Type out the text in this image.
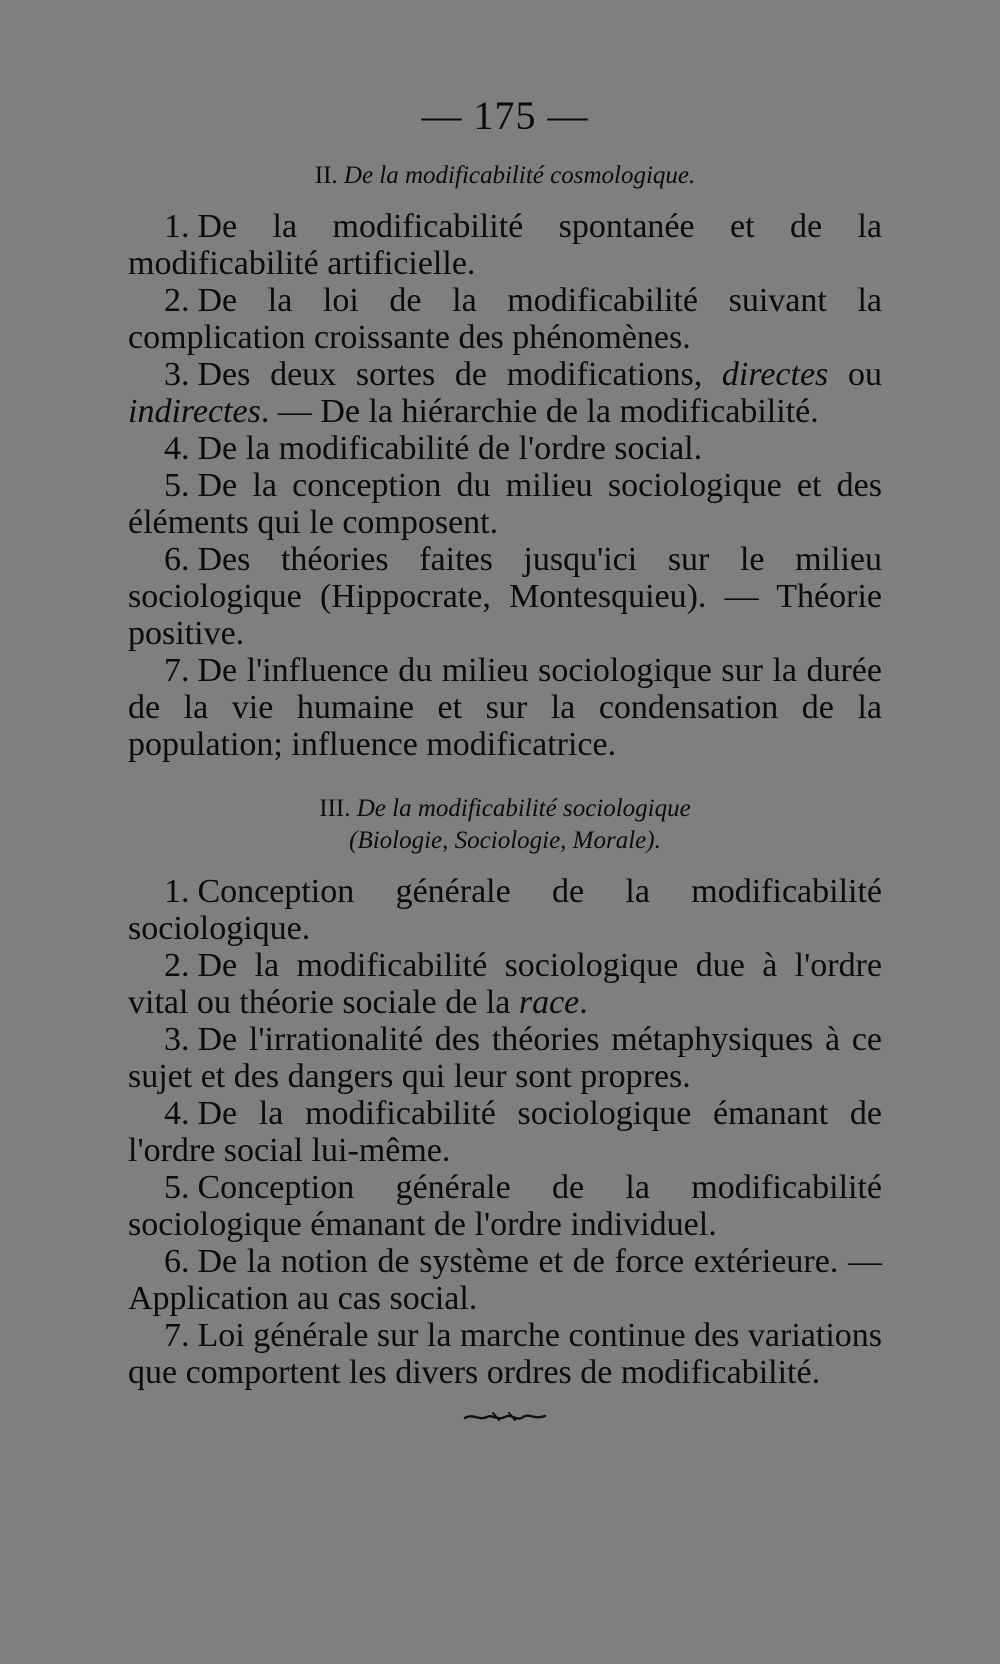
— 175 —
II. De la modificabilité cosmologique.

1. De la modificabilité spontanée et de la modificabilité artificielle.

2. De la loi de la modificabilité suivant la complication croissante des phénomènes.

3. Des deux sortes de modifications, directes ou indirectes. — De la hiérarchie de la modificabilité.

4. De la modificabilité de l'ordre social.

5. De la conception du milieu sociologique et des éléments qui le composent.

6. Des théories faites jusqu'ici sur le milieu sociologique (Hippocrate, Montesquieu). — Théorie positive.

7. De l'influence du milieu sociologique sur la durée de la vie humaine et sur la condensation de la population; influence modificatrice.

III. De la modificabilité sociologique
(Biologie, Sociologie, Morale).

1. Conception générale de la modificabilité sociologique.

2. De la modificabilité sociologique due à l'ordre vital ou théorie sociale de la race.

3. De l'irrationalité des théories métaphysiques à ce sujet et des dangers qui leur sont propres.

4. De la modificabilité sociologique émanant de l'ordre social lui-même.

5. Conception générale de la modificabilité sociologique émanant de l'ordre individuel.

6. De la notion de système et de force extérieure. — Application au cas social.

7. Loi générale sur la marche continue des variations que comportent les divers ordres de modificabilité.
